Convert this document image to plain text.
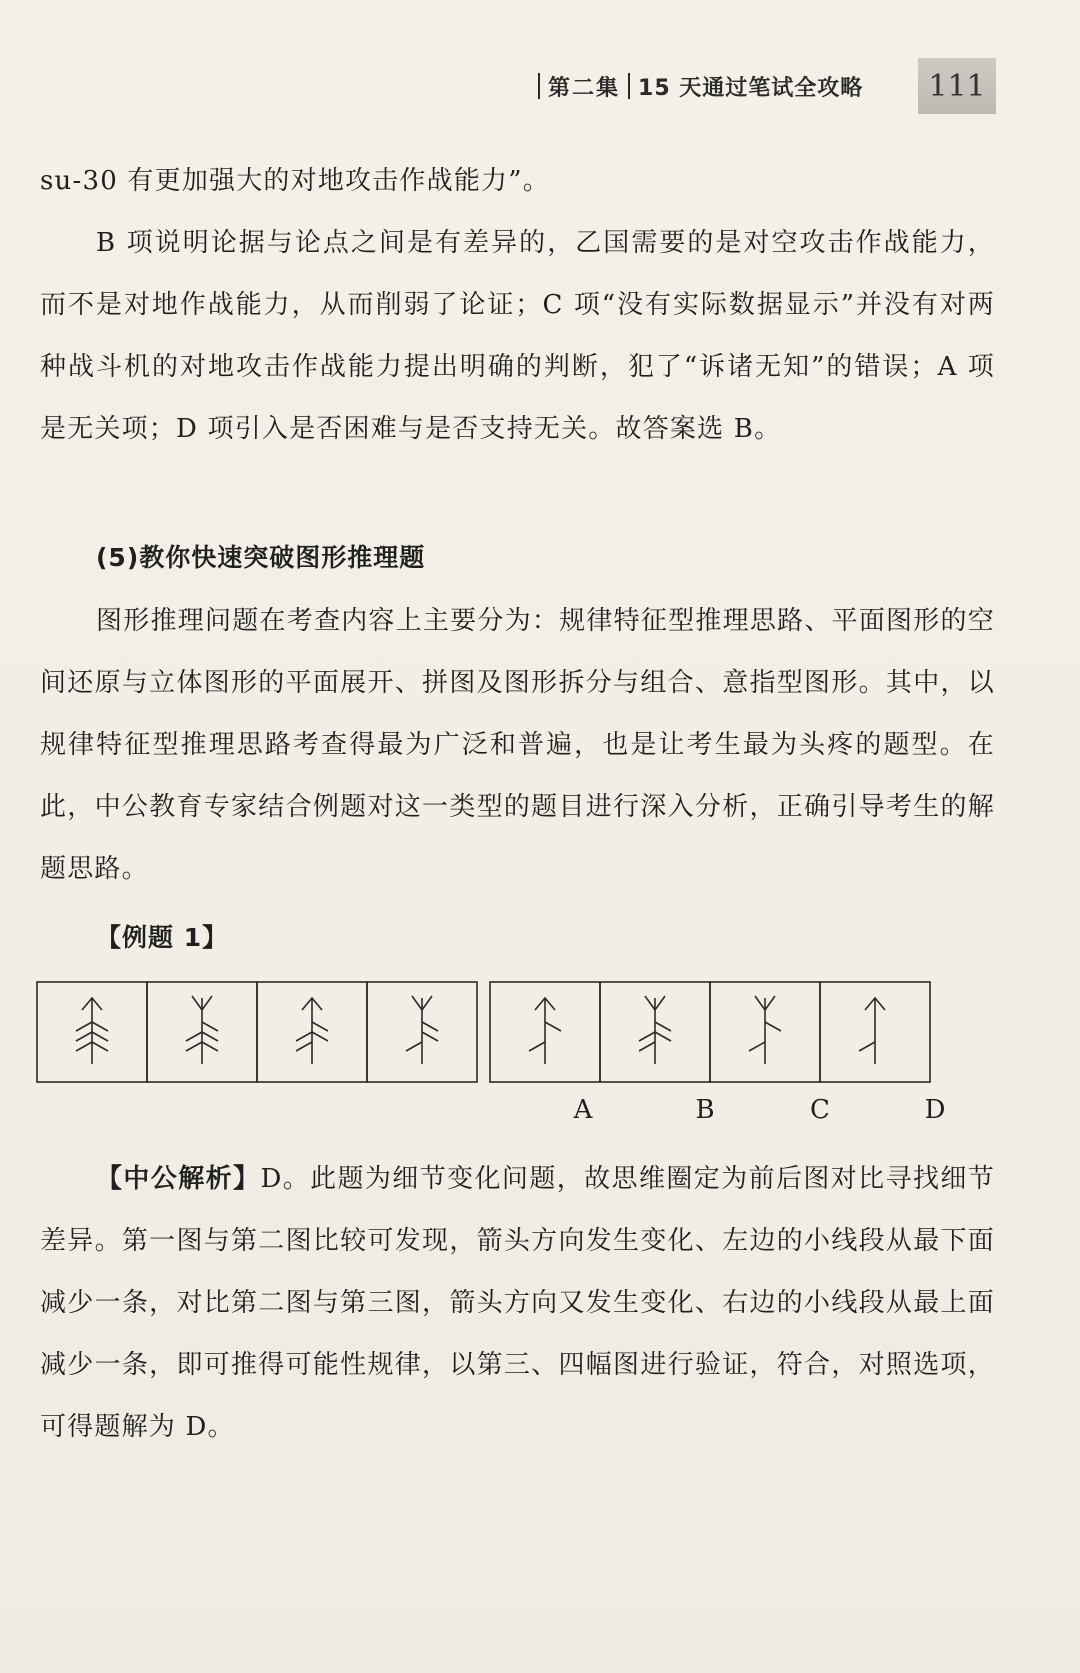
第二集 15 天通过笔试全攻略	111
su-30 有更加强大的对地攻击作战能力”。
B 项说明论据与论点之间是有差异的，乙国需要的是对空攻击作战能力，而不是对地作战能力，从而削弱了论证；C 项“没有实际数据显示”并没有对两种战斗机的对地攻击作战能力提出明确的判断，犯了“诉诸无知”的错误；A 项是无关项；D 项引入是否困难与是否支持无关。故答案选 B。
(5)教你快速突破图形推理题
图形推理问题在考查内容上主要分为：规律特征型推理思路、平面图形的空间还原与立体图形的平面展开、拼图及图形拆分与组合、意指型图形。其中，以规律特征型推理思路考查得最为广泛和普遍，也是让考生最为头疼的题型。在此，中公教育专家结合例题对这一类型的题目进行深入分析，正确引导考生的解题思路。
【例题 1】
A	B	C	D
【中公解析】D。此题为细节变化问题，故思维圈定为前后图对比寻找细节差异。第一图与第二图比较可发现，箭头方向发生变化、左边的小线段从最下面减少一条，对比第二图与第三图，箭头方向又发生变化、右边的小线段从最上面减少一条，即可推得可能性规律，以第三、四幅图进行验证，符合，对照选项，可得题解为 D。
